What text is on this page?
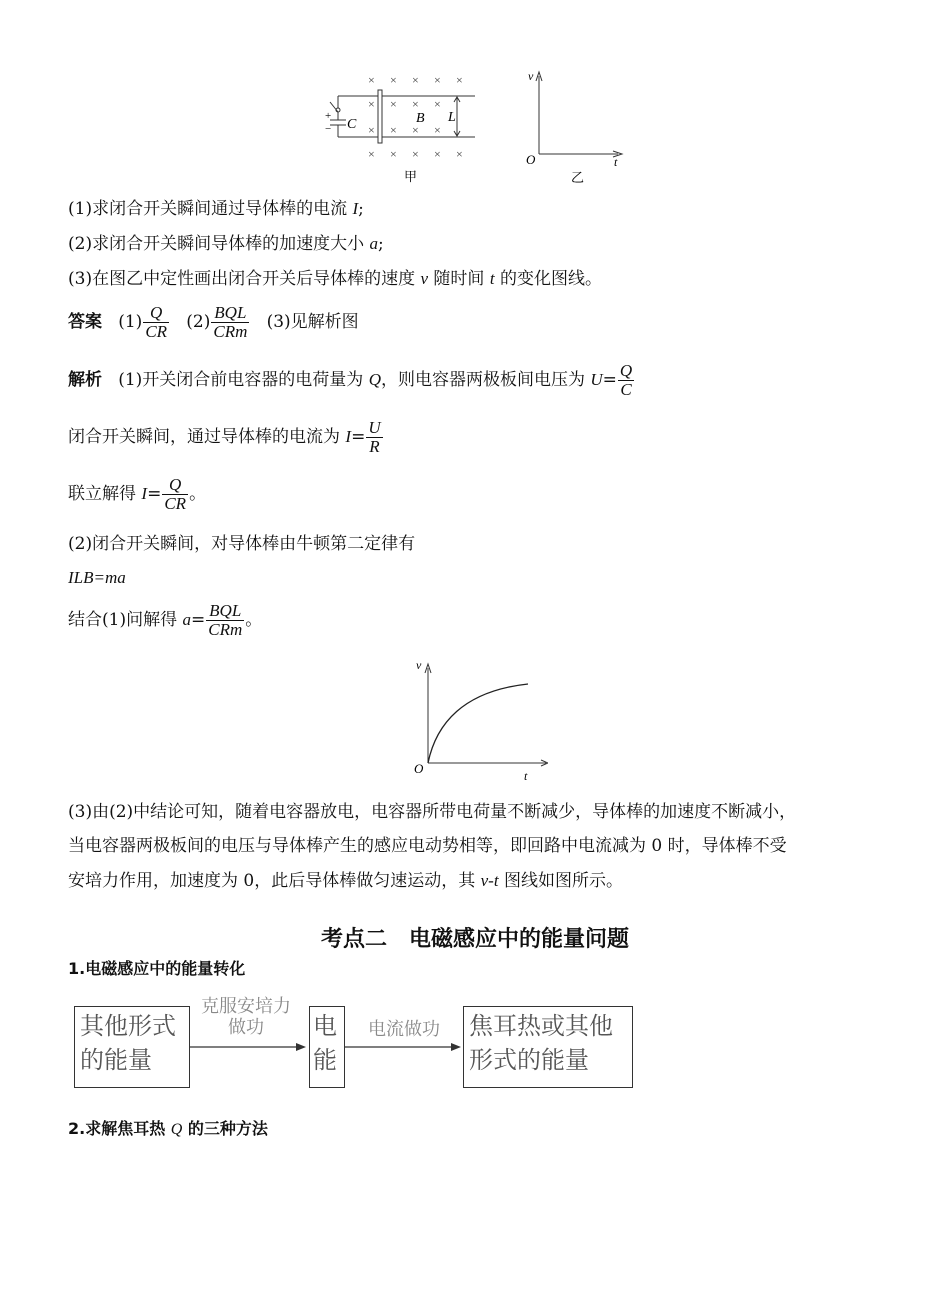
× × × × ×
× × × ×
× × × ×
× × × × ×
+
− C	B L
甲
v
t
O
乙
(1)求闭合开关瞬间通过导体棒的电流 I;
(2)求闭合开关瞬间导体棒的加速度大小 a;
(3)在图乙中定性画出闭合开关后导体棒的速度 v 随时间 t 的变化图线。
答案 $(1) \frac{Q}{CR} (2) \frac{\text{BQL}}{\text{CRm}} (3)$见解析图
解析 (1)开关闭合前电容器的电荷量为 Q，则电容器两极板间电压为 $U= \frac{Q}{C}$
闭合开关瞬间，通过导体棒的电流为 $I= \frac{U}{R}$
联立解得 $I= \frac{Q}{CR}$ 。
(2)闭合开关瞬间，对导体棒由牛顿第二定律有
ILB=ma
结合(1)问解得 $a= \frac{\text{BQL}}{\text{CRm}}$ 。
v
t
O
(3)由(2)中结论可知，随着电容器放电，电容器所带电荷量不断减少，导体棒的加速度不断减小，
当电容器两极板间的电压与导体棒产生的感应电动势相等，即回路中电流减为 0 时，导体棒不受
安培力作用，加速度为 0，此后导体棒做匀速运动，其 v-t 图线如图所示。
考点二　电磁感应中的能量问题
1.电磁感应中的能量转化
其他形式的能量
克服安培力做功	电能
电流做功	焦耳热或其他形式的能量
2.求解焦耳热 Q 的三种方法
